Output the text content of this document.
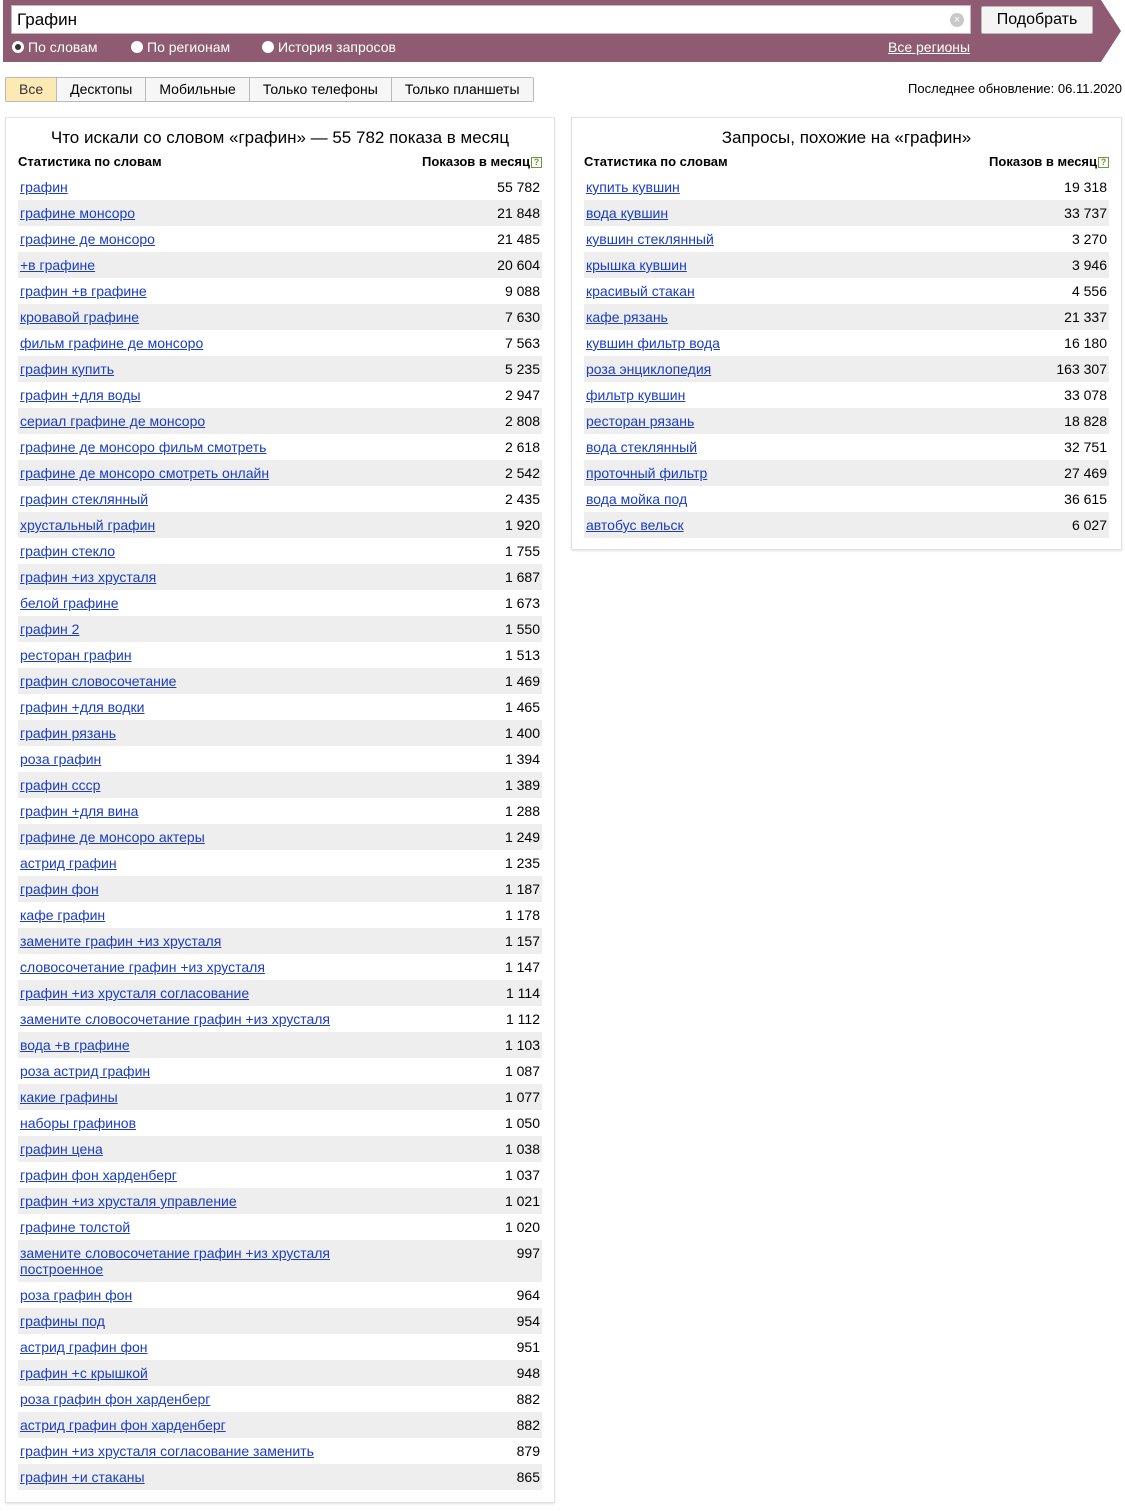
Графин	×	Подобрать
По словам	По регионам	История запросов	Все регионы
Все	Десктопы	Мобильные	Только телефоны	Только планшеты	Последнее обновление: 06.11.2020
Что искали со словом «графин» — 55 782 показа в месяц
Статистика по словам	Показов в месяц ?
графин	55 782
графине монсоро	21 848
графине де монсоро	21 485
+в графине	20 604
графин +в графине	9 088
кровавой графине	7 630
фильм графине де монсоро	7 563
графин купить	5 235
графин +для воды	2 947
сериал графине де монсоро	2 808
графине де монсоро фильм смотреть	2 618
графине де монсоро смотреть онлайн	2 542
графин стеклянный	2 435
хрустальный графин	1 920
графин стекло	1 755
графин +из хрусталя	1 687
белой графине	1 673
графин 2	1 550
ресторан графин	1 513
графин словосочетание	1 469
графин +для водки	1 465
графин рязань	1 400
роза графин	1 394
графин ссср	1 389
графин +для вина	1 288
графине де монсоро актеры	1 249
астрид графин	1 235
графин фон	1 187
кафе графин	1 178
замените графин +из хрусталя	1 157
словосочетание графин +из хрусталя	1 147
графин +из хрусталя согласование	1 114
замените словосочетание графин +из хрусталя	1 112
вода +в графине	1 103
роза астрид графин	1 087
какие графины	1 077
наборы графинов	1 050
графин цена	1 038
графин фон харденберг	1 037
графин +из хрусталя управление	1 021
графине толстой	1 020
замените словосочетание графин +из хрусталя построенное
997
роза графин фон	964
графины под	954
астрид графин фон	951
графин +с крышкой	948
роза графин фон харденберг	882
астрид графин фон харденберг	882
графин +из хрусталя согласование заменить	879
графин +и стаканы	865
Запросы, похожие на «графин»
Статистика по словам	Показов в месяц ?
купить кувшин	19 318
вода кувшин	33 737
кувшин стеклянный	3 270
крышка кувшин	3 946
красивый стакан	4 556
кафе рязань	21 337
кувшин фильтр вода	16 180
роза энциклопедия	163 307
фильтр кувшин	33 078
ресторан рязань	18 828
вода стеклянный	32 751
проточный фильтр	27 469
вода мойка под	36 615
автобус вельск	6 027
